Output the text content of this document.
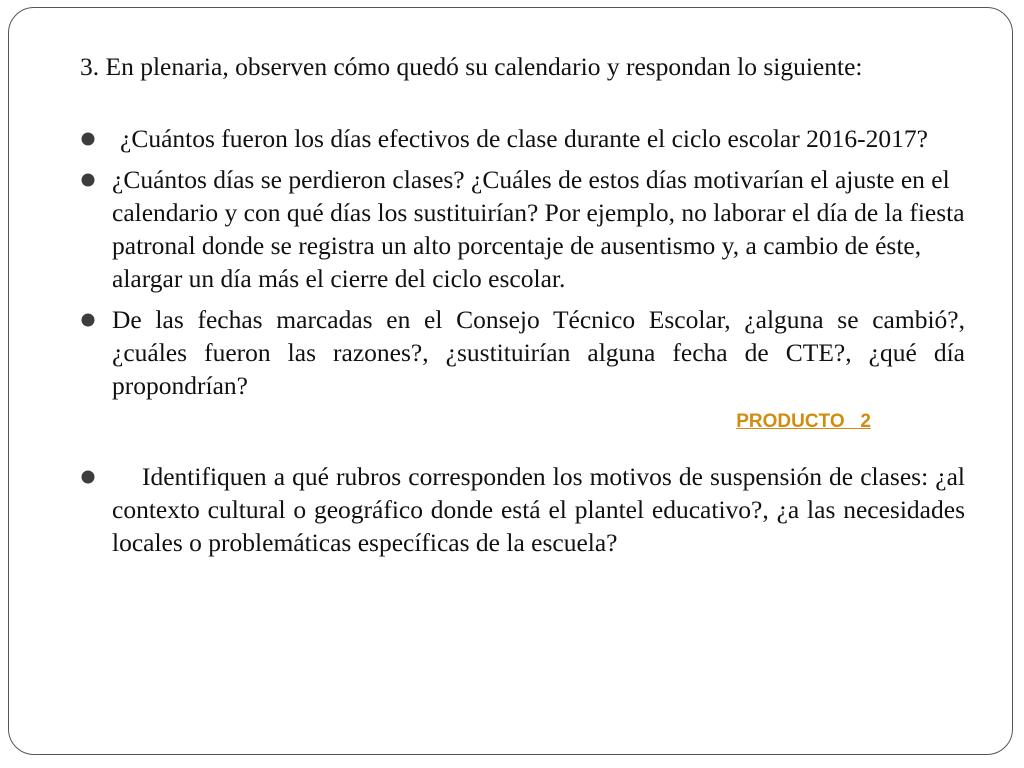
3. En plenaria, observen cómo quedó su calendario y respondan lo siguiente:

¿Cuántos fueron los días efectivos de clase durante el ciclo escolar 2016-2017?
¿Cuántos días se perdieron clases? ¿Cuáles de estos días motivarían el ajuste en el calendario y con qué días los sustituirían? Por ejemplo, no laborar el día de la fiesta patronal donde se registra un alto porcentaje de ausentismo y, a cambio de éste, alargar un día más el cierre del ciclo escolar.
De las fechas marcadas en el Consejo Técnico Escolar, ¿alguna se cambió?, ¿cuáles fueron las razones?, ¿sustituirían alguna fecha de CTE?, ¿qué día propondrían?
PRODUCTO   2
Identifiquen a qué rubros corresponden los motivos de suspensión de clases: ¿al contexto cultural o geográfico donde está el plantel educativo?, ¿a las necesidades locales o problemáticas específicas de la escuela?
